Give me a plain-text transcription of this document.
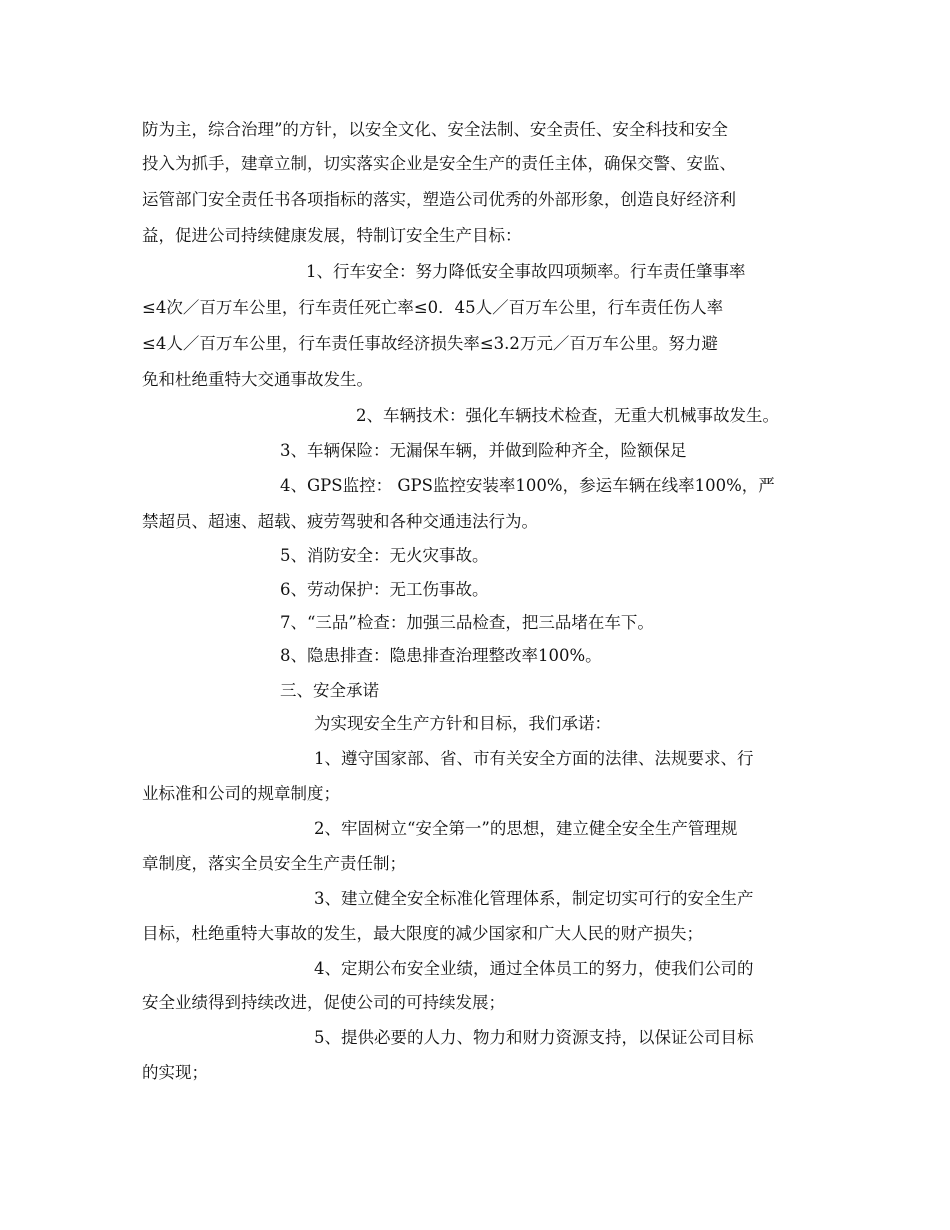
防为主，综合治理”的方针，以安全文化、安全法制、安全责任、安全科技和安全
投入为抓手，建章立制，切实落实企业是安全生产的责任主体，确保交警、安监、
运管部门安全责任书各项指标的落实，塑造公司优秀的外部形象，创造良好经济利
益，促进公司持续健康发展，特制订安全生产目标：
1、行车安全：努力降低安全事故四项频率。行车责任肇事率
≤4次／百万车公里，行车责任死亡率≤0．45人／百万车公里，行车责任伤人率
≤4人／百万车公里，行车责任事故经济损失率≤3.2万元／百万车公里。努力避
免和杜绝重特大交通事故发生。
2、车辆技术：强化车辆技术检查，无重大机械事故发生。
3、车辆保险：无漏保车辆，并做到险种齐全，险额保足
4、GPS监控： GPS监控安装率100%，参运车辆在线率100%，严
禁超员、超速、超载、疲劳驾驶和各种交通违法行为。
5、消防安全：无火灾事故。
6、劳动保护：无工伤事故。
7、“三品”检查：加强三品检查，把三品堵在车下。
8、隐患排查：隐患排查治理整改率100%。
三、安全承诺
为实现安全生产方针和目标，我们承诺：
1、遵守国家部、省、市有关安全方面的法律、法规要求、行
业标准和公司的规章制度；
2、牢固树立“安全第一”的思想，建立健全安全生产管理规
章制度，落实全员安全生产责任制；
3、建立健全安全标准化管理体系，制定切实可行的安全生产
目标，杜绝重特大事故的发生，最大限度的减少国家和广大人民的财产损失；
4、定期公布安全业绩，通过全体员工的努力，使我们公司的
安全业绩得到持续改进，促使公司的可持续发展；
5、提供必要的人力、物力和财力资源支持，以保证公司目标
的实现；
